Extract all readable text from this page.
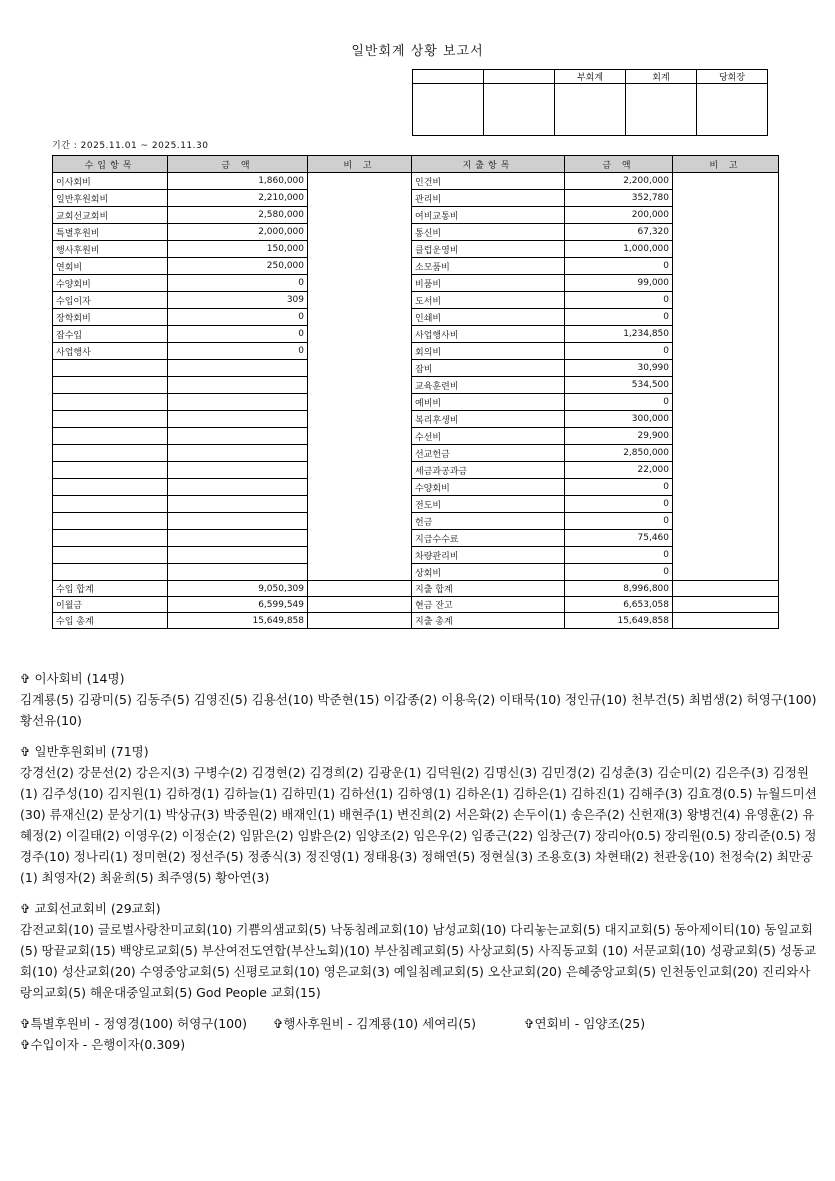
일반회계 상황 보고서
		부회계	회계	당회장

기간 : 2025.11.01 ~ 2025.11.30
수입항목	금 액	비 고	지출항목	금 액	비 고
이사회비	1,860,000		인건비	2,200,000	
일반후원회비	2,210,000		관리비	352,780	
교회선교회비	2,580,000		여비교통비	200,000	
특별후원비	2,000,000		통신비	67,320	
행사후원비	150,000		클럽운영비	1,000,000	
연회비	250,000		소모품비	0	
수양회비	0		비품비	99,000	
수입이자	309		도서비	0	
장학회비	0		인쇄비	0	
잡수입	0		사업행사비	1,234,850	
사업행사	0		회의비	0	
			잡비	30,990	
			교육훈련비	534,500	
			예비비	0	
			복리후생비	300,000	
			수선비	29,900	
			선교헌금	2,850,000	
			세금과공과금	22,000	
			수양회비	0	
			전도비	0	
			헌금	0	
			지급수수료	75,460	
			차량관리비	0	
			상회비	0	
수입 합계	9,050,309		지출 합계	8,996,800	
이월금	6,599,549		현금 잔고	6,653,058	
수입 총계	15,649,858		지출 총계	15,649,858	
✞ 이사회비 (14명)
김계룡(5) 김광미(5) 김동주(5) 김영진(5) 김용선(10) 박준현(15) 이갑종(2) 이용욱(2) 이태묵(10) 정인규(10) 천부건(5) 최범생(2) 허영구(100) 황선유(10)
✞ 일반후원회비 (71명)
강경선(2) 강문선(2) 강은지(3) 구병수(2) 김경현(2) 김경희(2) 김광운(1) 김덕원(2) 김명신(3) 김민경(2) 김성춘(3) 김순미(2) 김은주(3) 김정원(1) 김주성(10) 김지원(1) 김하경(1) 김하늘(1) 김하민(1) 김하선(1) 김하영(1) 김하온(1) 김하은(1) 김하진(1) 김해주(3) 김효경(0.5) 뉴월드미션(30) 류재신(2) 문상기(1) 박상규(3) 박중원(2) 배재인(1) 배현주(1) 변진희(2) 서은화(2) 손두이(1) 송은주(2) 신헌재(3) 왕병건(4) 유영훈(2) 유혜정(2) 이길태(2) 이영우(2) 이정순(2) 임맑은(2) 임밝은(2) 임양조(2) 임은우(2) 임종근(22) 임창근(7) 장리아(0.5) 장리원(0.5) 장리준(0.5) 정경주(10) 정나리(1) 정미현(2) 정선주(5) 정종식(3) 정진영(1) 정태용(3) 정해연(5) 정현실(3) 조용호(3) 차현태(2) 천관웅(10) 천정숙(2) 최만공(1) 최영자(2) 최윤희(5) 최주영(5) 황아연(3)
✞ 교회선교회비 (29교회)
감전교회(10) 글로벌사랑찬미교회(10) 기쁨의샘교회(5) 낙동침례교회(10) 남성교회(10) 다리놓는교회(5) 대지교회(5) 동아제이티(10) 동일교회(5) 땅끝교회(15) 백양로교회(5) 부산여전도연합(부산노회)(10) 부산침례교회(5) 사상교회(5) 사직동교회 (10) 서문교회(10) 성광교회(5) 성동교회(10) 성산교회(20) 수영중앙교회(5) 신평로교회(10) 영은교회(3) 예일침례교회(5) 오산교회(20) 은혜중앙교회(5) 인천동인교회(20) 진리와사랑의교회(5) 해운대중일교회(5) God People 교회(15)
✞특별후원비 - 정영경(100) 허영구(100) ✞행사후원비 - 김계룡(10) 세여리(5)	✞연회비 - 임양조(25)
✞수입이자 - 은행이자(0.309)
